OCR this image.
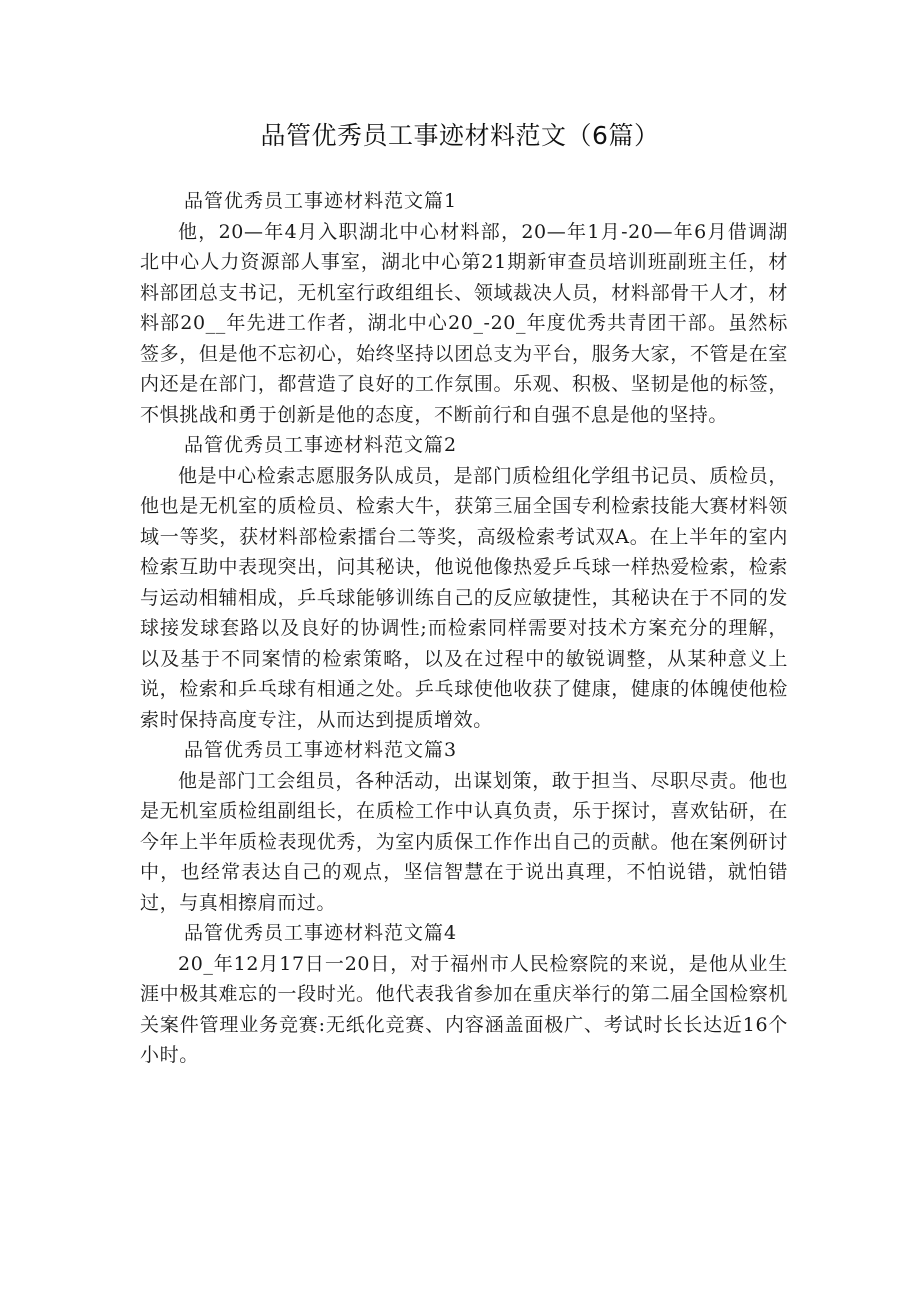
品管优秀员工事迹材料范文（6篇）

品管优秀员工事迹材料范文篇1

他，20—年4月入职湖北中心材料部，20—年1月-20—年6月借调湖北中心人力资源部人事室，湖北中心第21期新审查员培训班副班主任，材料部团总支书记，无机室行政组组长、领域裁决人员，材料部骨干人才，材料部20__年先进工作者，湖北中心20_-20_年度优秀共青团干部。虽然标签多，但是他不忘初心，始终坚持以团总支为平台，服务大家，不管是在室内还是在部门，都营造了良好的工作氛围。乐观、积极、坚韧是他的标签，不惧挑战和勇于创新是他的态度，不断前行和自强不息是他的坚持。

品管优秀员工事迹材料范文篇2

他是中心检索志愿服务队成员，是部门质检组化学组书记员、质检员，他也是无机室的质检员、检索大牛，获第三届全国专利检索技能大赛材料领域一等奖，获材料部检索擂台二等奖，高级检索考试双A。在上半年的室内检索互助中表现突出，问其秘诀，他说他像热爱乒乓球一样热爱检索，检索与运动相辅相成，乒乓球能够训练自己的反应敏捷性，其秘诀在于不同的发球接发球套路以及良好的协调性;而检索同样需要对技术方案充分的理解，以及基于不同案情的检索策略，以及在过程中的敏锐调整，从某种意义上说，检索和乒乓球有相通之处。乒乓球使他收获了健康，健康的体魄使他检索时保持高度专注，从而达到提质增效。

品管优秀员工事迹材料范文篇3

他是部门工会组员，各种活动，出谋划策，敢于担当、尽职尽责。他也是无机室质检组副组长，在质检工作中认真负责，乐于探讨，喜欢钻研，在今年上半年质检表现优秀，为室内质保工作作出自己的贡献。他在案例研讨中，也经常表达自己的观点，坚信智慧在于说出真理，不怕说错，就怕错过，与真相擦肩而过。

品管优秀员工事迹材料范文篇4

20_年12月17日一20日，对于福州市人民检察院的来说，是他从业生涯中极其难忘的一段时光。他代表我省参加在重庆举行的第二届全国检察机关案件管理业务竞赛:无纸化竞赛、内容涵盖面极广、考试时长长达近16个小时。
